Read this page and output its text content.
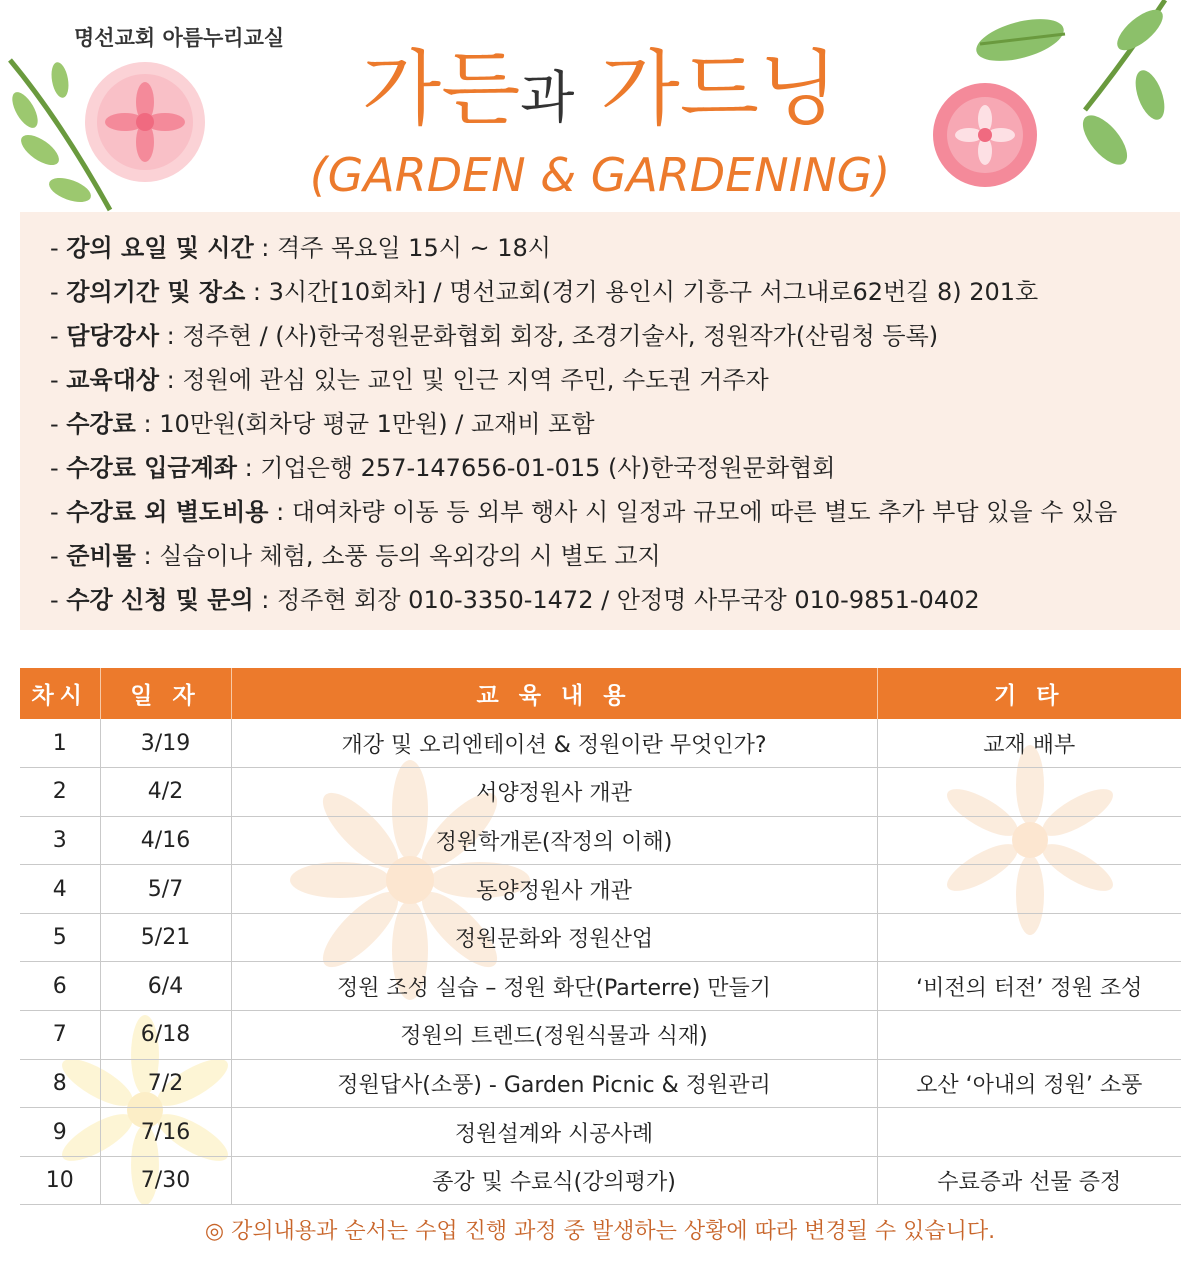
명선교회 아름누리교실
가든과 가드닝
(GARDEN & GARDENING)
- 강의 요일 및 시간 : 격주 목요일 15시 ~ 18시
- 강의기간 및 장소 : 3시간[10회차] / 명선교회(경기 용인시 기흥구 서그내로62번길 8) 201호
- 담당강사 : 정주현 / (사)한국정원문화협회 회장, 조경기술사, 정원작가(산림청 등록)
- 교육대상 : 정원에 관심 있는 교인 및 인근 지역 주민, 수도권 거주자
- 수강료 : 10만원(회차당 평균 1만원) / 교재비 포함
- 수강료 입금계좌 : 기업은행 257-147656-01-015 (사)한국정원문화협회
- 수강료 외 별도비용 : 대여차량 이동 등 외부 행사 시 일정과 규모에 따른 별도 추가 부담 있을 수 있음
- 준비물 : 실습이나 체험, 소풍 등의 옥외강의 시 별도 고지
- 수강 신청 및 문의 : 정주현 회장 010-3350-1472 / 안정명 사무국장 010-9851-0402
차시	일 자	교 육 내 용	기 타
1	3/19	개강 및 오리엔테이션 & 정원이란 무엇인가?	교재 배부
2	4/2	서양정원사 개관	
3	4/16	정원학개론(작정의 이해)	
4	5/7	동양정원사 개관	
5	5/21	정원문화와 정원산업	
6	6/4	정원 조성 실습 – 정원 화단(Parterre) 만들기	‘비전의 터전’ 정원 조성
7	6/18	정원의 트렌드(정원식물과 식재)	
8	7/2	정원답사(소풍) - Garden Picnic & 정원관리	오산 ‘아내의 정원’ 소풍
9	7/16	정원설계와 시공사례	
10	7/30	종강 및 수료식(강의평가)	수료증과 선물 증정
◎ 강의내용과 순서는 수업 진행 과정 중 발생하는 상황에 따라 변경될 수 있습니다.
